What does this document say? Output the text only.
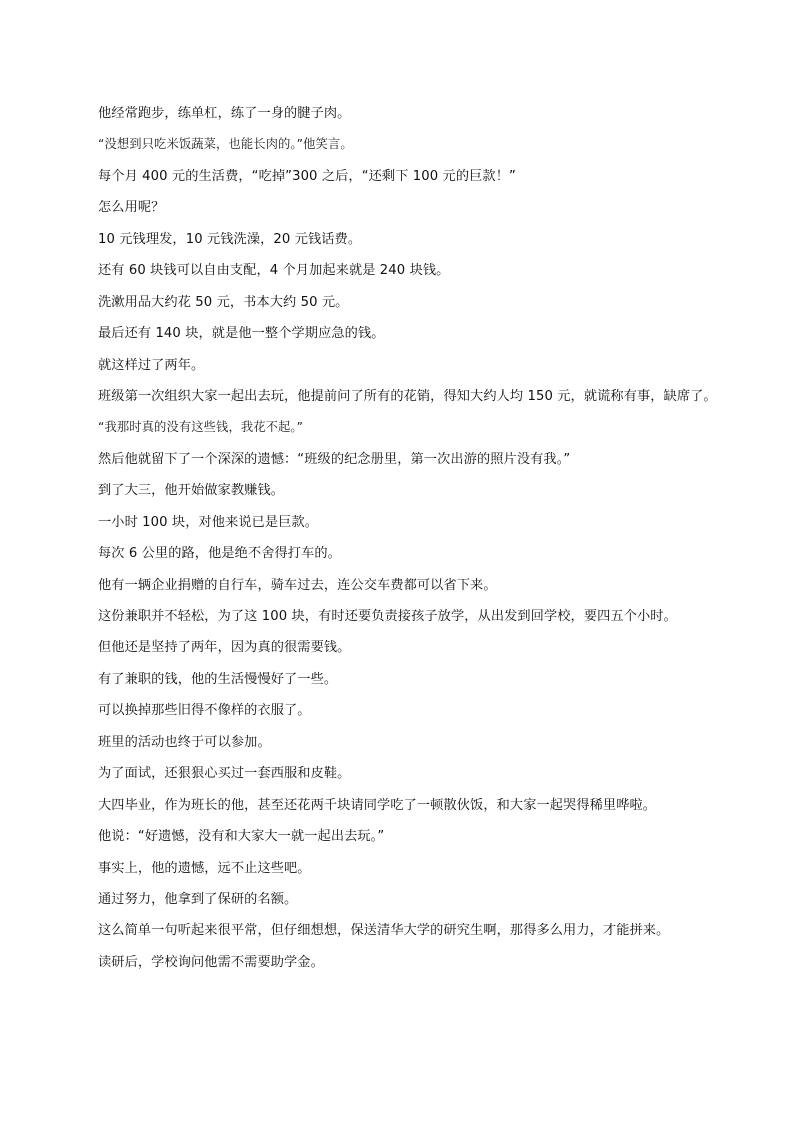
他经常跑步，练单杠，练了一身的腱子肉。

“没想到只吃米饭蔬菜，也能长肉的。”他笑言。

每个月 400 元的生活费，“吃掉”300 之后，“还剩下 100 元的巨款！”

怎么用呢？

10 元钱理发，10 元钱洗澡，20 元钱话费。

还有 60 块钱可以自由支配，4 个月加起来就是 240 块钱。

洗漱用品大约花 50 元，书本大约 50 元。

最后还有 140 块，就是他一整个学期应急的钱。

就这样过了两年。

班级第一次组织大家一起出去玩，他提前问了所有的花销，得知大约人均 150 元，就谎称有事，缺席了。

“我那时真的没有这些钱，我花不起。”

然后他就留下了一个深深的遗憾：“班级的纪念册里，第一次出游的照片没有我。”

到了大三，他开始做家教赚钱。

一小时 100 块，对他来说已是巨款。

每次 6 公里的路，他是绝不舍得打车的。

他有一辆企业捐赠的自行车，骑车过去，连公交车费都可以省下来。

这份兼职并不轻松，为了这 100 块，有时还要负责接孩子放学，从出发到回学校，要四五个小时。

但他还是坚持了两年，因为真的很需要钱。

有了兼职的钱，他的生活慢慢好了一些。

可以换掉那些旧得不像样的衣服了。

班里的活动也终于可以参加。

为了面试，还狠狠心买过一套西服和皮鞋。

大四毕业，作为班长的他，甚至还花两千块请同学吃了一顿散伙饭，和大家一起哭得稀里哗啦。

他说：“好遗憾，没有和大家大一就一起出去玩。”

事实上，他的遗憾，远不止这些吧。

通过努力，他拿到了保研的名额。

这么简单一句听起来很平常，但仔细想想，保送清华大学的研究生啊，那得多么用力，才能拼来。

读研后，学校询问他需不需要助学金。
